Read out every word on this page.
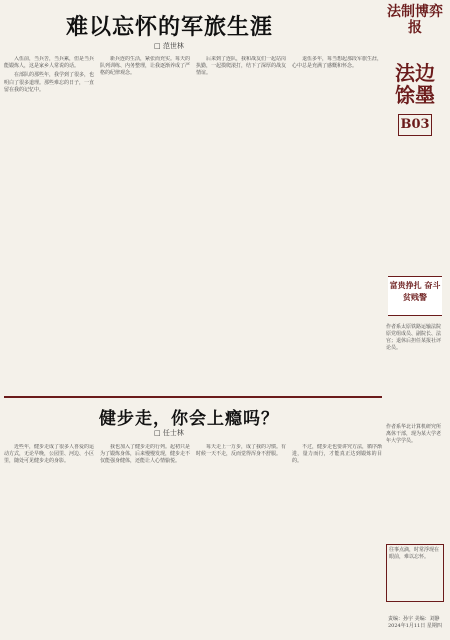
难以忘怀的军旅生涯
□ 范世林

入伍前，当兵苦，当兵累，但是当兵能锻炼人，这是家乡人常说的话。

在部队的那些年，我学到了很多，也明白了很多道理。那些难忘的日子，一直留在我的记忆中。

新兵连的生活，紧张而充实。每天的队列训练、内务整理，让我逐渐养成了严格的纪律观念。

后来到了连队，我和战友们一起站岗执勤，一起摸爬滚打，结下了深厚的战友情谊。

退伍多年，每当想起那段军旅生涯，心中总是充满了感慨和怀念。

健步走，你会上瘾吗？
□ 任士林

近些年，健步走成了很多人喜爱的运动方式，无论早晚，公园里、河边、小区里，随处可见健步走的身影。

我也加入了健步走的行列。起初只是为了锻炼身体，后来慢慢发现，健步走不仅能强身健体，还能让人心情愉悦。

每天走上一万步，成了我的习惯。有时候一天不走，反而觉得浑身不舒服。

不过，健步走也要讲究方法，循序渐进，量力而行，才能真正达到锻炼的目的。

法制博弈报
法边馀墨
B03
富贵挣扎 奋斗 贫贱警
作者系太原铁路运输法院原党组成员、副院长、法官；退休后担任某报社评论员。
作者系华北计算机研究所离休干部，现为某大学老年大学学员。
往事点滴，时常浮现在眼前，难以忘怀。
责编：孙宇 美编：刘静 2024年1月11日 星期四
